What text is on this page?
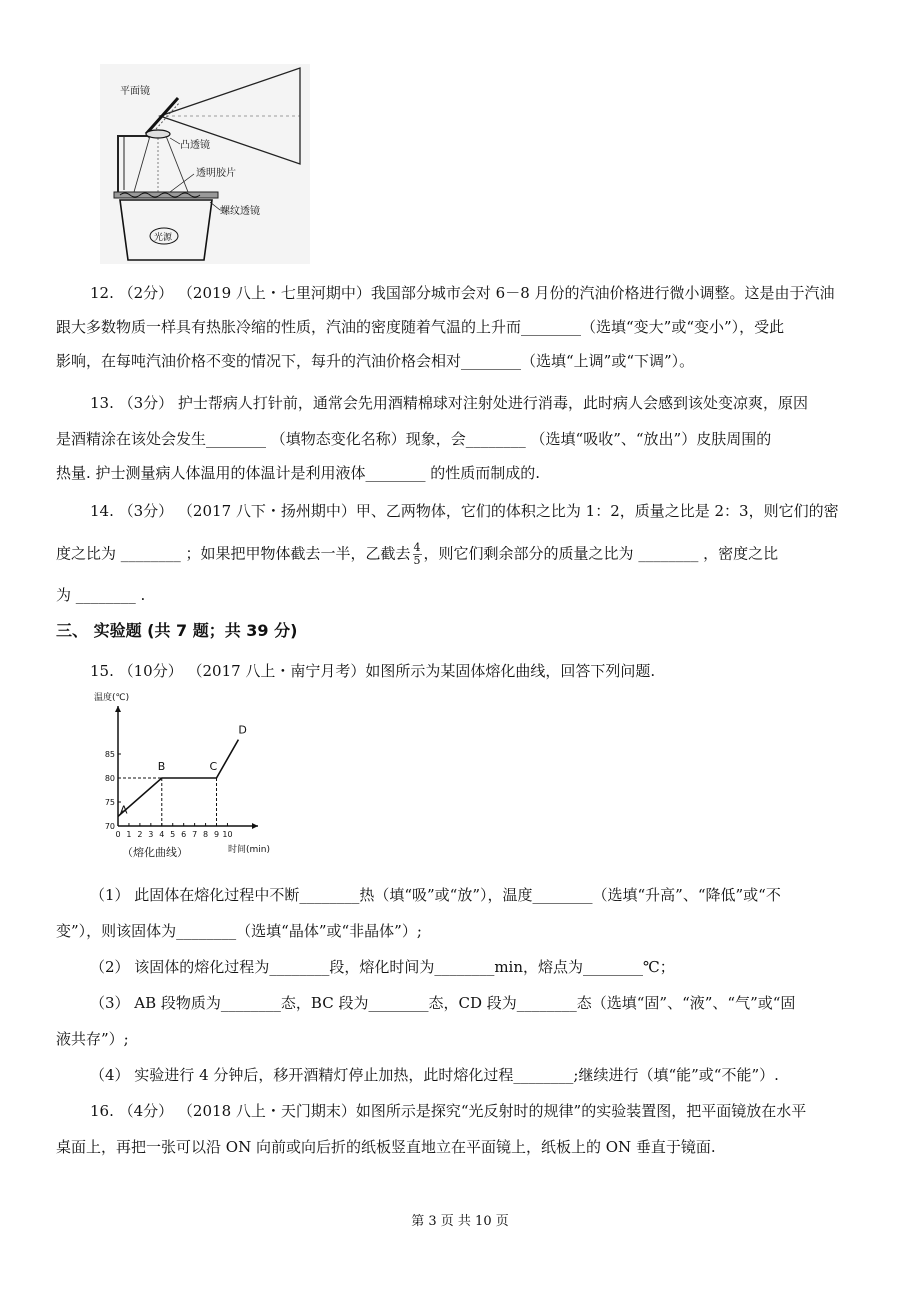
光源
平面镜
凸透镜
透明胶片
螺纹透镜
12. （2分） （2019 八上・七里河期中）我国部分城市会对 6－8 月份的汽油价格进行微小调整。这是由于汽油
跟大多数物质一样具有热胀冷缩的性质，汽油的密度随着气温的上升而________（选填“变大”或“变小”），受此
影响，在每吨汽油价格不变的情况下，每升的汽油价格会相对________（选填“上调”或“下调”）。
13. （3分） 护士帮病人打针前，通常会先用酒精棉球对注射处进行消毒，此时病人会感到该处变凉爽，原因
是酒精涂在该处会发生________ （填物态变化名称）现象，会________ （选填“吸收”、“放出”）皮肤周围的
热量. 护士测量病人体温用的体温计是利用液体________ 的性质而制成的.
14. （3分） （2017 八下・扬州期中）甲、乙两物体，它们的体积之比为 1：2，质量之比是 2：3，则它们的密
度之比为 ________ ；如果把甲物体截去一半，乙截去 $\frac{4}{5}$ ，则它们剩余部分的质量之比为 ________ ，密度之比
为 ________ .
三、 实验题 (共 7 题；共 39 分)
15. （10分） （2017 八上・南宁月考）如图所示为某固体熔化曲线，回答下列问题.
温度(℃)
0 1 2 3 4 5 6 7 8 9 10
70
75
80
85
A
B	C
D
时间(min)
（熔化曲线）
（1） 此固体在熔化过程中不断________热（填“吸”或“放”），温度________（选填“升高”、“降低”或“不
变”），则该固体为________（选填“晶体”或“非晶体”）;
（2） 该固体的熔化过程为________段，熔化时间为________min，熔点为________℃；
（3） AB 段物质为________态，BC 段为________态，CD 段为________态（选填“固”、“液”、“气”或“固
液共存”）;
（4） 实验进行 4 分钟后，移开酒精灯停止加热，此时熔化过程________;继续进行（填“能”或“不能”）.
16. （4分） （2018 八上・天门期末）如图所示是探究“光反射时的规律”的实验装置图，把平面镜放在水平
桌面上，再把一张可以沿 ON 向前或向后折的纸板竖直地立在平面镜上，纸板上的 ON 垂直于镜面.
第 3 页 共 10 页
